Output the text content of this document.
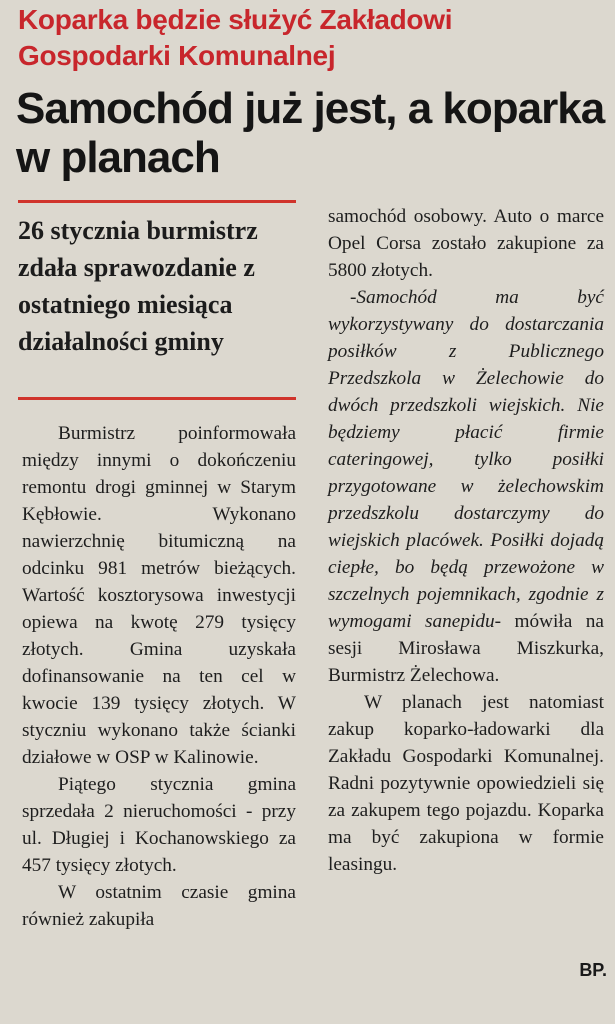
Koparka będzie służyć Zakładowi Gospodarki Komunalnej
Samochód już jest, a koparka w planach
26 stycznia burmistrz zdała sprawozdanie z ostatniego miesiąca działalności gminy

Burmistrz poinformowała między innymi o dokończeniu remontu drogi gminnej w Starym Kębłowie. Wykonano nawierzchnię bitumiczną na odcinku 981 metrów bieżących. Wartość kosztorysowa inwestycji opiewa na kwotę 279 tysięcy złotych. Gmina uzyskała dofinansowanie na ten cel w kwocie 139 tysięcy złotych. W styczniu wykonano także ścianki działowe w OSP w Kalinowie.

Piątego stycznia gmina sprzedała 2 nieruchomości - przy ul. Długiej i Kochanowskiego za 457 tysięcy złotych.

W ostatnim czasie gmina również zakupiła

samochód osobowy. Auto o marce Opel Corsa zostało zakupione za 5800 złotych.

-Samochód ma być wykorzystywany do dostarczania posiłków z Publicznego Przedszkola w Żelechowie do dwóch przedszkoli wiejskich. Nie będziemy płacić firmie cateringowej, tylko posiłki przygotowane w żelechowskim przedszkolu dostarczymy do wiejskich placówek. Posiłki dojadą ciepłe, bo będą przewożone w szczelnych pojemnikach, zgodnie z wymogami sanepidu- mówiła na sesji Mirosława Miszkurka, Burmistrz Żelechowa.

W planach jest natomiast zakup koparko-ładowarki dla Zakładu Gospodarki Komunalnej. Radni pozytywnie opowiedzieli się za zakupem tego pojazdu. Koparka ma być zakupiona w formie leasingu.

BP.
